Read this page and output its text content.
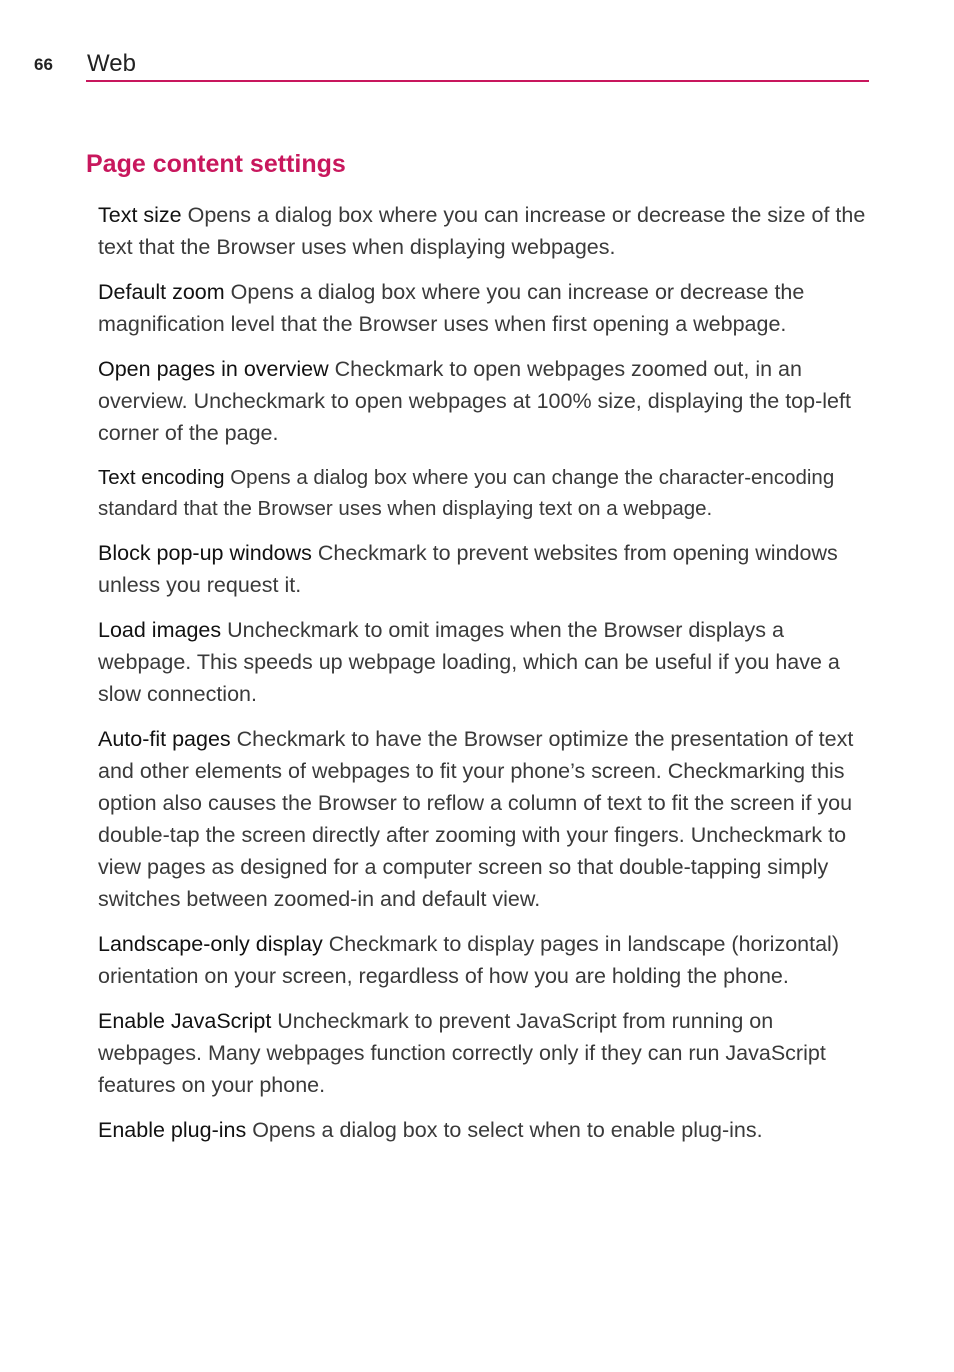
66 Web
Page content settings

Text size Opens a dialog box where you can increase or decrease the size of the text that the Browser uses when displaying webpages.

Default zoom Opens a dialog box where you can increase or decrease the magnification level that the Browser uses when first opening a webpage.

Open pages in overview Checkmark to open webpages zoomed out, in an overview. Uncheckmark to open webpages at 100% size, displaying the top-left corner of the page.

Text encoding Opens a dialog box where you can change the character-encoding standard that the Browser uses when displaying text on a webpage.

Block pop-up windows Checkmark to prevent websites from opening windows unless you request it.

Load images Uncheckmark to omit images when the Browser displays a webpage. This speeds up webpage loading, which can be useful if you have a slow connection.

Auto-fit pages Checkmark to have the Browser optimize the presentation of text and other elements of webpages to fit your phone’s screen. Checkmarking this option also causes the Browser to reflow a column of text to fit the screen if you double-tap the screen directly after zooming with your fingers. Uncheckmark to view pages as designed for a computer screen so that double-tapping simply switches between zoomed-in and default view.

Landscape-only display Checkmark to display pages in landscape (horizontal) orientation on your screen, regardless of how you are holding the phone.

Enable JavaScript Uncheckmark to prevent JavaScript from running on webpages. Many webpages function correctly only if they can run JavaScript features on your phone.

Enable plug-ins Opens a dialog box to select when to enable plug-ins.
